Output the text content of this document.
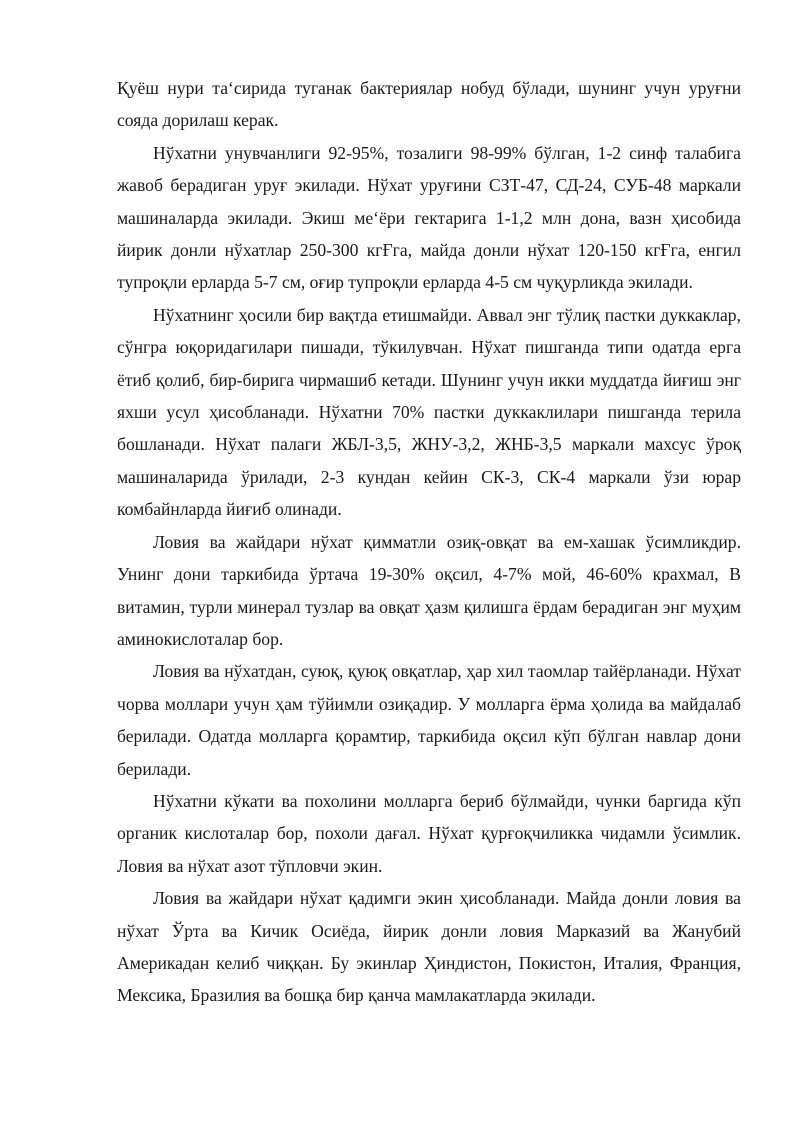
Қуёш нури таʻсирида туганак бактериялар нобуд бўлади, шунинг учун уруғни сояда дорилаш керак.

Нўхатни унувчанлиги 92-95%, тозалиги 98-99% бўлган, 1-2 синф талабига жавоб берадиган уруғ экилади. Нўхат уруғини СЗТ-47, СД-24, СУБ-48 маркали машиналарда экилади. Экиш меʻёри гектарига 1-1,2 млн дона, вазн ҳисобида йирик донли нўхатлар 250-300 кгҒга, майда донли нўхат 120-150 кгҒга, енгил тупроқли ерларда 5-7 см, оғир тупроқли ерларда 4-5 см чуқурликда экилади.

Нўхатнинг ҳосили бир вақтда етишмайди. Аввал энг тўлиқ пастки дуккаклар, сўнгра юқоридагилари пишади, тўкилувчан. Нўхат пишганда типи одатда ерга ётиб қолиб, бир-бирига чирмашиб кетади. Шунинг учун икки муддатда йиғиш энг яхши усул ҳисобланади. Нўхатни 70% пастки дуккаклилари пишганда терила бошланади. Нўхат палаги ЖБЛ-3,5, ЖНУ-3,2, ЖНБ-3,5 маркали махсус ўроқ машиналарида ўрилади, 2-3 кундан кейин СК-3, СК-4 маркали ўзи юрар комбайнларда йиғиб олинади.

Ловия ва жайдари нўхат қимматли озиқ-овқат ва ем-хашак ўсимликдир. Унинг дони таркибида ўртача 19-30% оқсил, 4-7% мой, 46-60% крахмал, В витамин, турли минерал тузлар ва овқат ҳазм қилишга ёрдам берадиган энг муҳим аминокислоталар бор.

Ловия ва нўхатдан, суюқ, қуюқ овқатлар, ҳар хил таомлар тайёрланади. Нўхат чорва моллари учун ҳам тўйимли озиқадир. У молларга ёрма ҳолида ва майдалаб берилади. Одатда молларга қорамтир, таркибида оқсил кўп бўлган навлар дони берилади.

Нўхатни кўкати ва похолини молларга бериб бўлмайди, чунки баргида кўп органик кислоталар бор, похоли дағал. Нўхат қурғоқчиликка чидамли ўсимлик. Ловия ва нўхат азот тўпловчи экин.

Ловия ва жайдари нўхат қадимги экин ҳисобланади. Майда донли ловия ва нўхат Ўрта ва Кичик Осиёда, йирик донли ловия Марказий ва Жанубий Америкадан келиб чиққан. Бу экинлар Ҳиндистон, Покистон, Италия, Франция, Мексика, Бразилия ва бошқа бир қанча мамлакатларда экилади.
